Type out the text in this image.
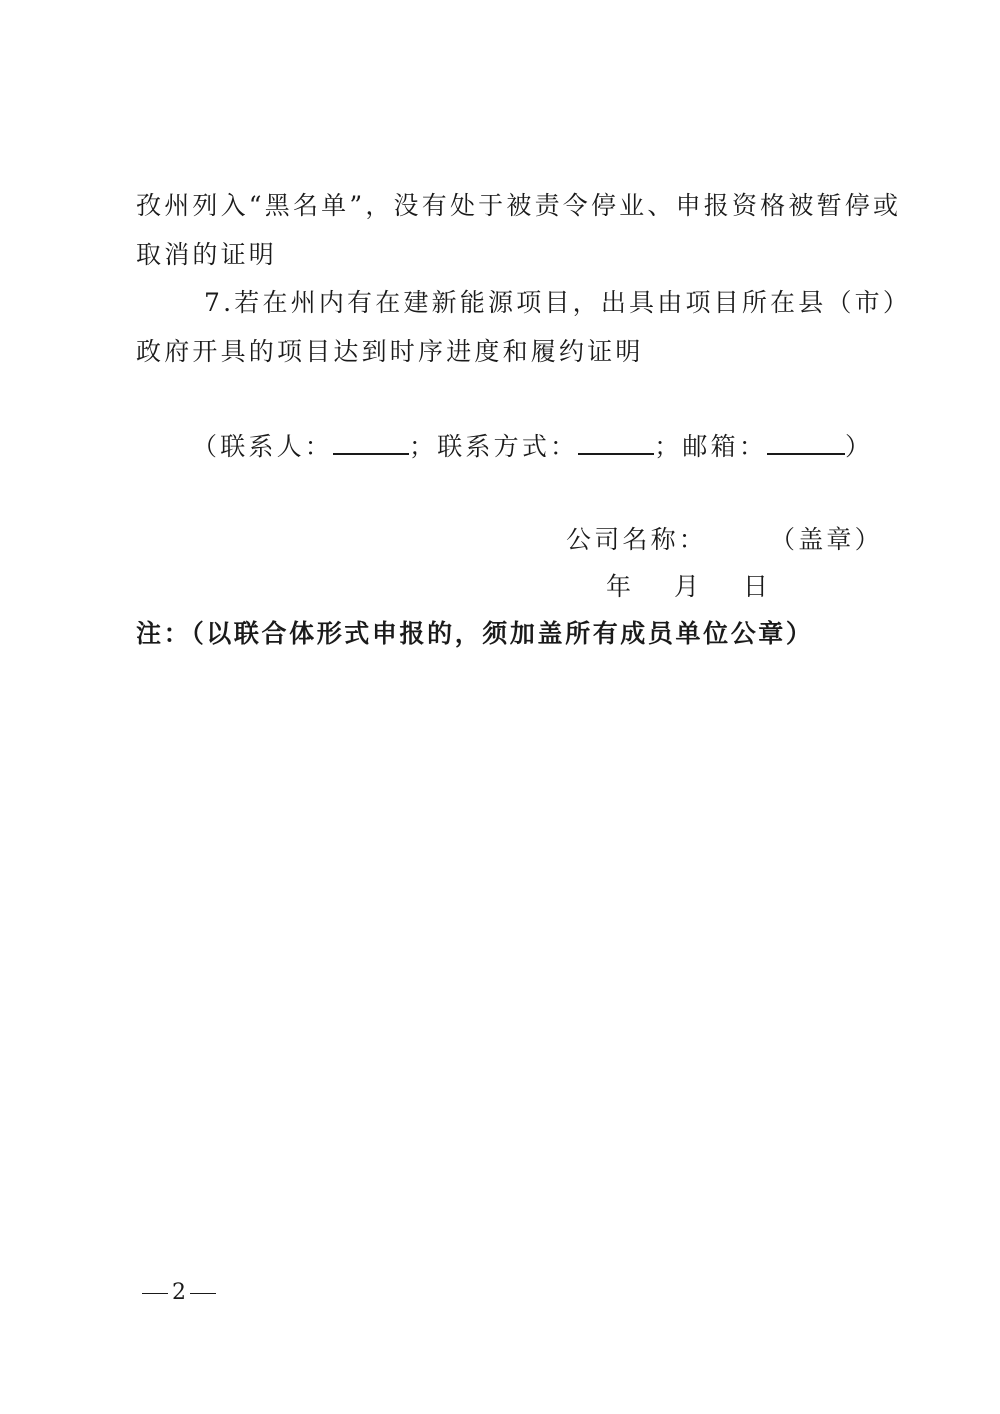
孜州列入“黑名单”，没有处于被责令停业、申报资格被暂停或
取消的证明
7.若在州内有在建新能源项目，出具由项目所在县（市）
政府开具的项目达到时序进度和履约证明
（联系人：	；联系方式：	；邮箱：	）
公司名称：	（盖章）
年 月 日
注：（以联合体形式申报的，须加盖所有成员单位公章）
2
